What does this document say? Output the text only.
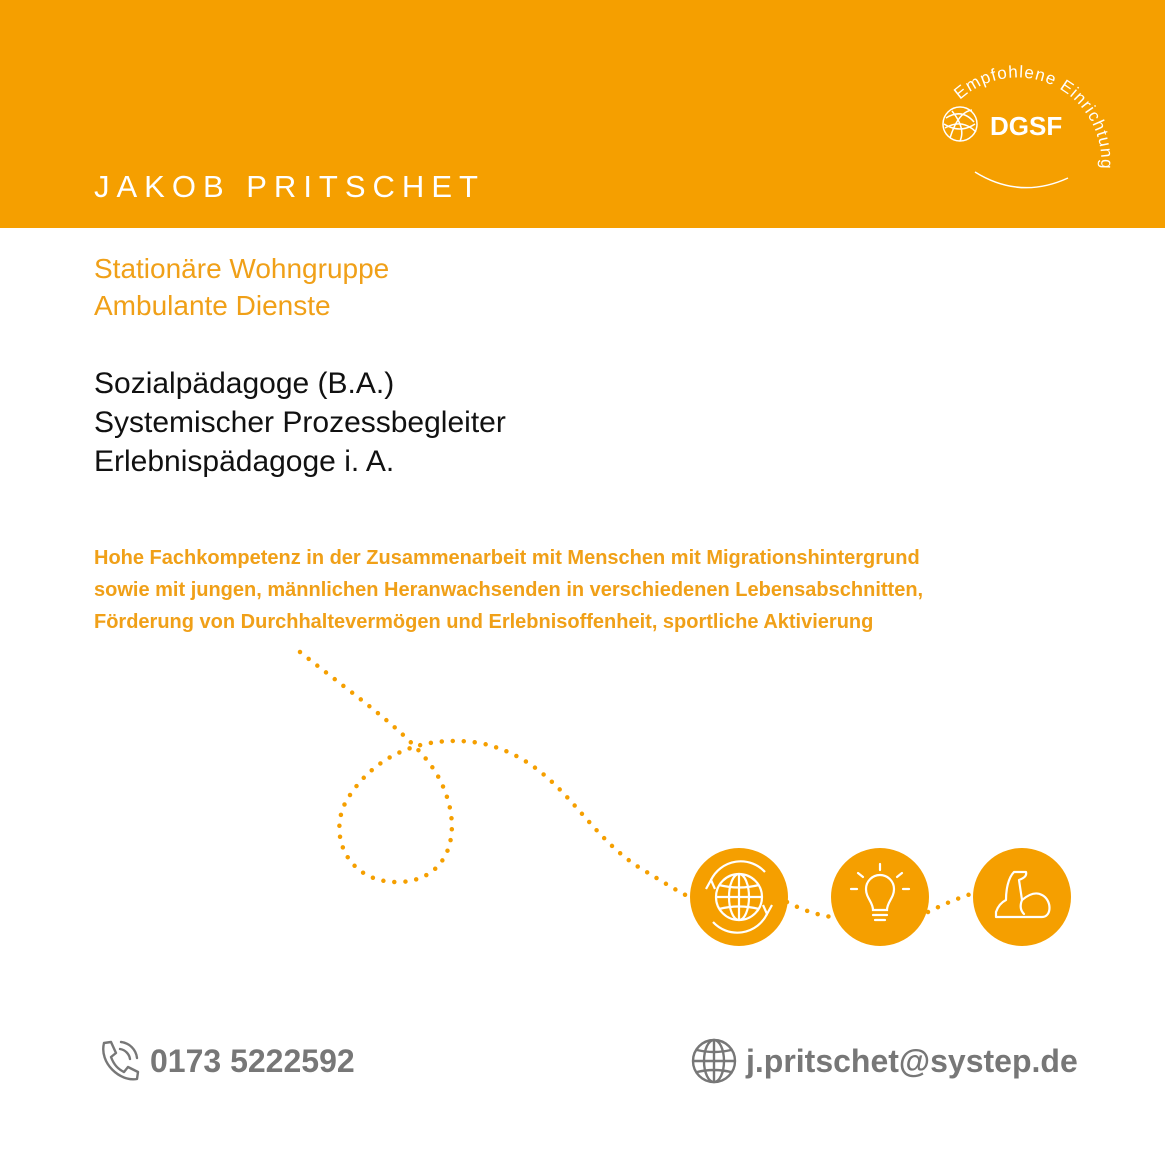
JAKOB PRITSCHET
Empfohlene Einrichtung
DGSF
Stationäre Wohngruppe
Ambulante Dienste
Sozialpädagoge (B.A.)
Systemischer Prozessbegleiter
Erlebnispädagoge i. A.
Hohe Fachkompetenz in der Zusammenarbeit mit Menschen mit Migrationshintergrund
sowie mit jungen, männlichen Heranwachsenden in verschiedenen Lebensabschnitten,
Förderung von Durchhaltevermögen und Erlebnisoffenheit, sportliche Aktivierung
0173 5222592	j.pritschet@systep.de
